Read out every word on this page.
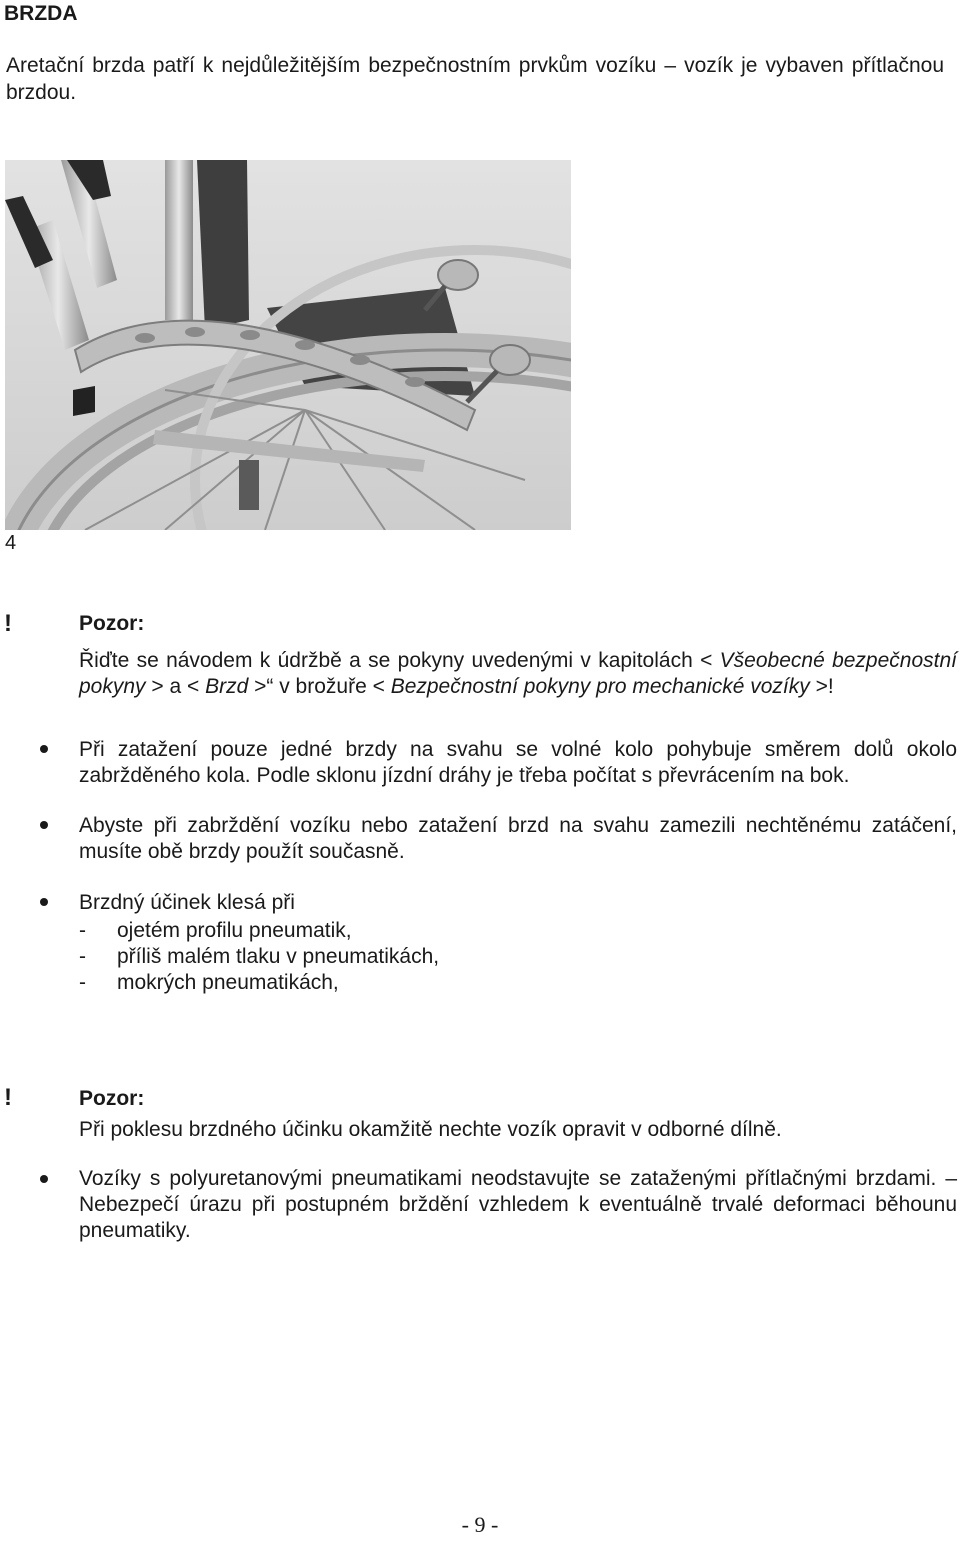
BRZDA
Aretační brzda patří k nejdůležitějším bezpečnostním prvkům vozíku – vozík je vybaven přítlačnou brzdou.
4
!	Pozor:
Řiďte se návodem k údržbě a se pokyny uvedenými v kapitolách < Všeobecné bezpečnostní pokyny > a < Brzd >“ v brožuře < Bezpečnostní pokyny pro mechanické vozíky >!
Při zatažení pouze jedné brzdy na svahu se volné kolo pohybuje směrem dolů okolo zabržděného kola. Podle sklonu jízdní dráhy je třeba počítat s převrácením na bok.
Abyste při zabrždění vozíku nebo zatažení brzd na svahu zamezili nechtěnému zatáčení, musíte obě brzdy použít současně.
Brzdný účinek klesá při
- ojetém profilu pneumatik,
- příliš malém tlaku v pneumatikách,
- mokrých pneumatikách,
!	Pozor:
Při poklesu brzdného účinku okamžitě nechte vozík opravit v odborné dílně.
Vozíky s polyuretanovými pneumatikami neodstavujte se zataženými přítlačnými brzdami. – Nebezpečí úrazu při postupném brždění vzhledem k eventuálně trvalé deformaci běhounu pneumatiky.
- 9 -
